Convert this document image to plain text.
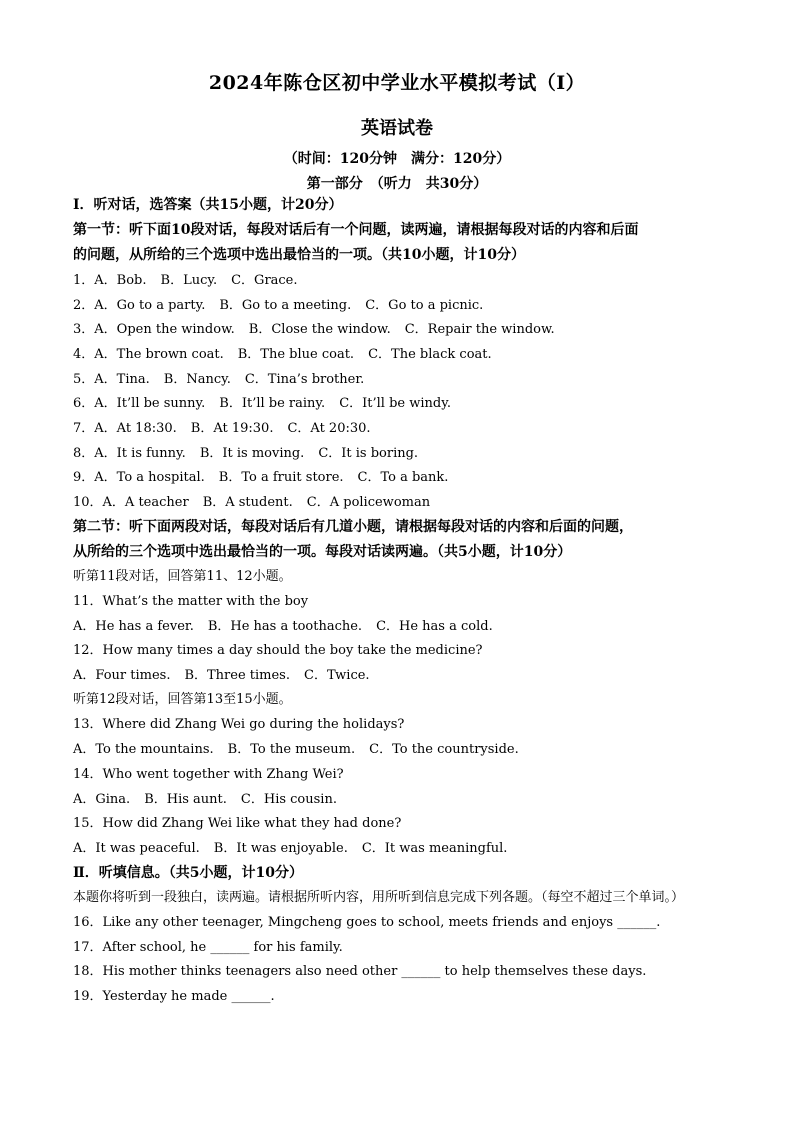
2024年陈仓区初中学业水平模拟考试（Ⅰ）
英语试卷
（时间：120分钟　满分：120分）
第一部分　（听力　共30分）
Ⅰ．听对话，选答案（共15小题，计20分）
第一节：听下面10段对话，每段对话后有一个问题，读两遍，请根据每段对话的内容和后面
的问题，从所给的三个选项中选出最恰当的一项。（共10小题，计10分）
1．A．Bob. B．Lucy. C．Grace.
2．A．Go to a party. B．Go to a meeting. C．Go to a picnic.
3．A．Open the window. B．Close the window. C．Repair the window.
4．A．The brown coat. B．The blue coat. C．The black coat.
5．A．Tina. B．Nancy. C．Tina’s brother.
6．A．It’ll be sunny. B．It’ll be rainy. C．It’ll be windy.
7．A．At 18:30. B．At 19:30. C．At 20:30.
8．A．It is funny. B．It is moving. C．It is boring.
9．A．To a hospital. B．To a fruit store. C．To a bank.
10．A．A teacher B．A student. C．A policewoman
第二节：听下面两段对话，每段对话后有几道小题，请根据每段对话的内容和后面的问题，
从所给的三个选项中选出最恰当的一项。每段对话读两遍。（共5小题，计10分）
听第11段对话，回答第11、12小题。
11．What’s the matter with the boy
A．He has a fever. B．He has a toothache. C．He has a cold.
12．How many times a day should the boy take the medicine?
A．Four times. B．Three times. C．Twice.
听第12段对话，回答第13至15小题。
13．Where did Zhang Wei go during the holidays?
A．To the mountains. B．To the museum. C．To the countryside.
14．Who went together with Zhang Wei?
A．Gina. B．His aunt. C．His cousin.
15．How did Zhang Wei like what they had done?
A．It was peaceful. B．It was enjoyable. C．It was meaningful.
Ⅱ．听填信息。（共5小题，计10分）
本题你将听到一段独白，读两遍。请根据所听内容，用所听到信息完成下列各题。（每空不超过三个单词。）
16．Like any other teenager, Mingcheng goes to school, meets friends and enjoys ______.
17．After school, he ______ for his family.
18．His mother thinks teenagers also need other ______ to help themselves these days.
19．Yesterday he made ______.
